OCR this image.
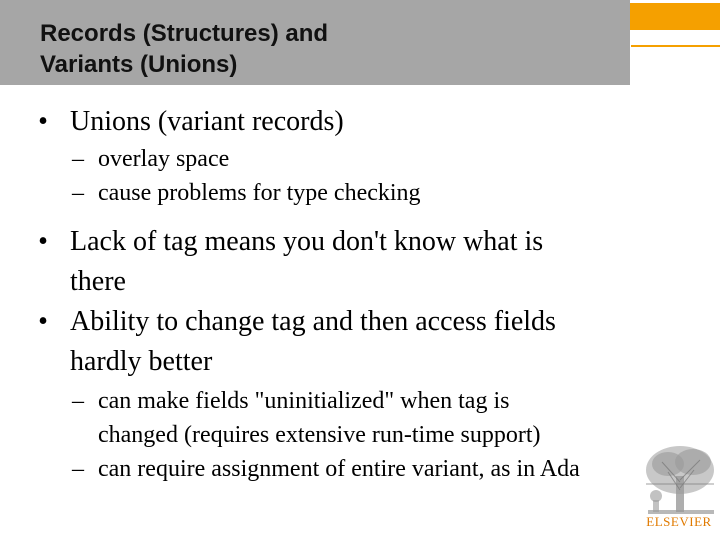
Records (Structures) and
Variants (Unions)
• Unions (variant records)
– overlay space
– cause problems for type checking
• Lack of tag means you don't know what is
there
• Ability to change tag and then access fields
hardly better
– can make fields "uninitialized" when tag is
changed (requires extensive run-time support)
– can require assignment of entire variant, as in Ada
ELSEVIER
